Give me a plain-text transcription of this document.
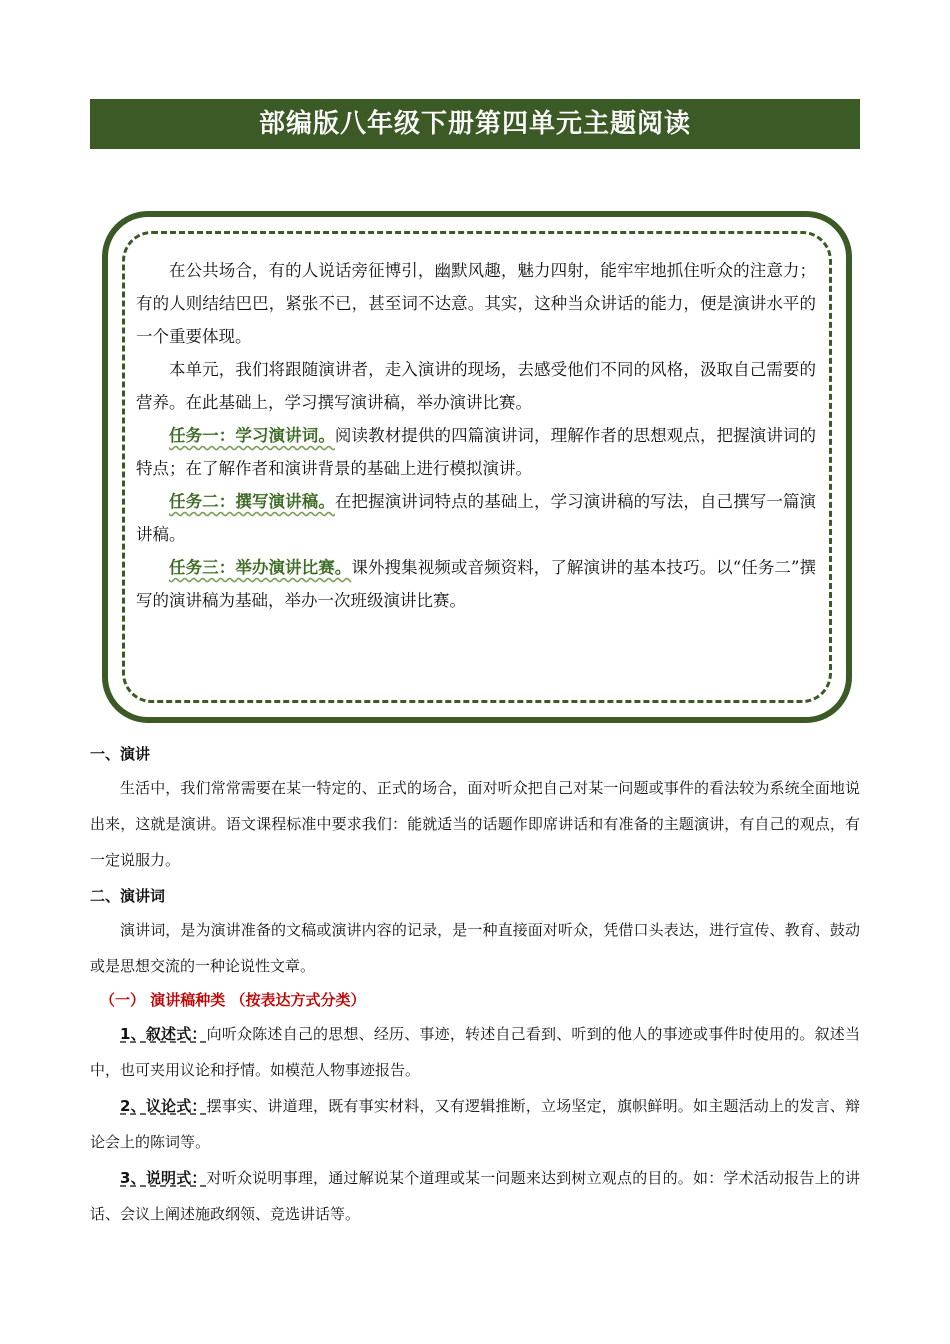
部编版八年级下册第四单元主题阅读

在公共场合，有的人说话旁征博引，幽默风趣，魅力四射，能牢牢地抓住听众的注意力；有的人则结结巴巴，紧张不已，甚至词不达意。其实，这种当众讲话的能力，便是演讲水平的一个重要体现。

本单元，我们将跟随演讲者，走入演讲的现场，去感受他们不同的风格，汲取自己需要的营养。在此基础上，学习撰写演讲稿，举办演讲比赛。

任务一：学习演讲词。阅读教材提供的四篇演讲词，理解作者的思想观点，把握演讲词的特点；在了解作者和演讲背景的基础上进行模拟演讲。

任务二：撰写演讲稿。在把握演讲词特点的基础上，学习演讲稿的写法，自己撰写一篇演讲稿。

任务三：举办演讲比赛。课外搜集视频或音频资料，了解演讲的基本技巧。以“任务二”撰写的演讲稿为基础，举办一次班级演讲比赛。

一、演讲

生活中，我们常常需要在某一特定的、正式的场合，面对听众把自己对某一问题或事件的看法较为系统全面地说出来，这就是演讲。语文课程标准中要求我们：能就适当的话题作即席讲话和有准备的主题演讲，有自己的观点，有一定说服力。

二、演讲词

演讲词，是为演讲准备的文稿或演讲内容的记录，是一种直接面对听众，凭借口头表达，进行宣传、教育、鼓动或是思想交流的一种论说性文章。

（一） 演讲稿种类 （按表达方式分类）

1、叙述式：向听众陈述自己的思想、经历、事迹，转述自己看到、听到的他人的事迹或事件时使用的。叙述当中，也可夹用议论和抒情。如模范人物事迹报告。

2、议论式：摆事实、讲道理，既有事实材料，又有逻辑推断，立场坚定，旗帜鲜明。如主题活动上的发言、辩论会上的陈词等。

3、说明式：对听众说明事理，通过解说某个道理或某一问题来达到树立观点的目的。如：学术活动报告上的讲话、会议上阐述施政纲领、竞选讲话等。
